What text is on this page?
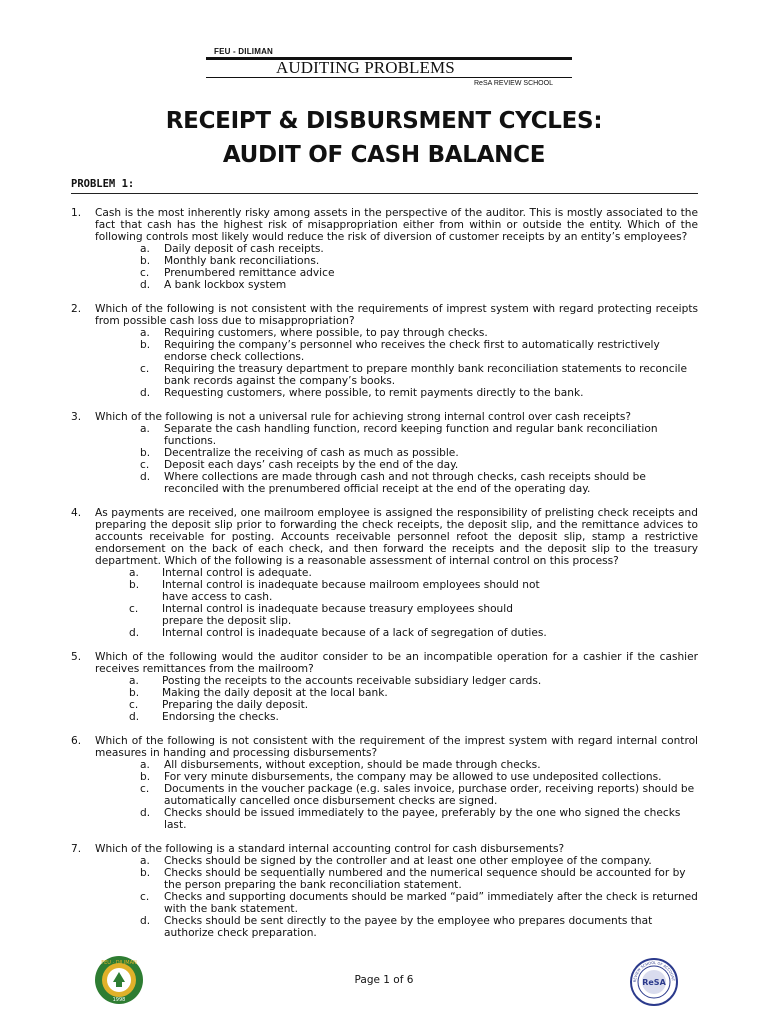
FEU - DILIMAN
AUDITING PROBLEMS
ReSA REVIEW SCHOOL
RECEIPT & DISBURSMENT CYCLES:
AUDIT OF CASH BALANCE
PROBLEM 1:
1. Cash is the most inherently risky among assets in the perspective of the auditor. This is mostly associated to the fact that cash has the highest risk of misappropriation either from within or outside the entity. Which of the following controls most likely would reduce the risk of diversion of customer receipts by an entity’s employees?
a. Daily deposit of cash receipts.
b. Monthly bank reconciliations.
c. Prenumbered remittance advice
d. A bank lockbox system
2. Which of the following is not consistent with the requirements of imprest system with regard protecting receipts from possible cash loss due to misappropriation?
a. Requiring customers, where possible, to pay through checks.
b. Requiring the company’s personnel who receives the check first to automatically restrictively endorse check collections.
c. Requiring the treasury department to prepare monthly bank reconciliation statements to reconcile bank records against the company’s books.
d. Requesting customers, where possible, to remit payments directly to the bank.
3. Which of the following is not a universal rule for achieving strong internal control over cash receipts?
a. Separate the cash handling function, record keeping function and regular bank reconciliation functions.
b. Decentralize the receiving of cash as much as possible.
c. Deposit each days’ cash receipts by the end of the day.
d. Where collections are made through cash and not through checks, cash receipts should be reconciled with the prenumbered official receipt at the end of the operating day.
4. As payments are received, one mailroom employee is assigned the responsibility of prelisting check receipts and preparing the deposit slip prior to forwarding the check receipts, the deposit slip, and the remittance advices to accounts receivable for posting. Accounts receivable personnel refoot the deposit slip, stamp a restrictive endorsement on the back of each check, and then forward the receipts and the deposit slip to the treasury department. Which of the following is a reasonable assessment of internal control on this process?
a. Internal control is adequate.
b. Internal control is inadequate because mailroom employees should not have access to cash.
c. Internal control is inadequate because treasury employees should prepare the deposit slip.
d. Internal control is inadequate because of a lack of segregation of duties.
5. Which of the following would the auditor consider to be an incompatible operation for a cashier if the cashier receives remittances from the mailroom?
a. Posting the receipts to the accounts receivable subsidiary ledger cards.
b. Making the daily deposit at the local bank.
c. Preparing the daily deposit.
d. Endorsing the checks.
6. Which of the following is not consistent with the requirement of the imprest system with regard internal control measures in handing and processing disbursements?
a. All disbursements, without exception, should be made through checks.
b. For very minute disbursements, the company may be allowed to use undeposited collections.
c. Documents in the voucher package (e.g. sales invoice, purchase order, receiving reports) should be automatically cancelled once disbursement checks are signed.
d. Checks should be issued immediately to the payee, preferably by the one who signed the checks last.
7. Which of the following is a standard internal accounting control for cash disbursements?
a. Checks should be signed by the controller and at least one other employee of the company.
b. Checks should be sequentially numbered and the numerical sequence should be accounted for by the person preparing the bank reconciliation statement.
c. Checks and supporting documents should be marked “paid” immediately after the check is returned with the bank statement.
d. Checks should be sent directly to the payee by the employee who prepares documents that authorize check preparation.
FEU · DILIMAN
1998
Page 1 of 6	ReSA
REVIEW SCHOOL OF ACCOUNT
